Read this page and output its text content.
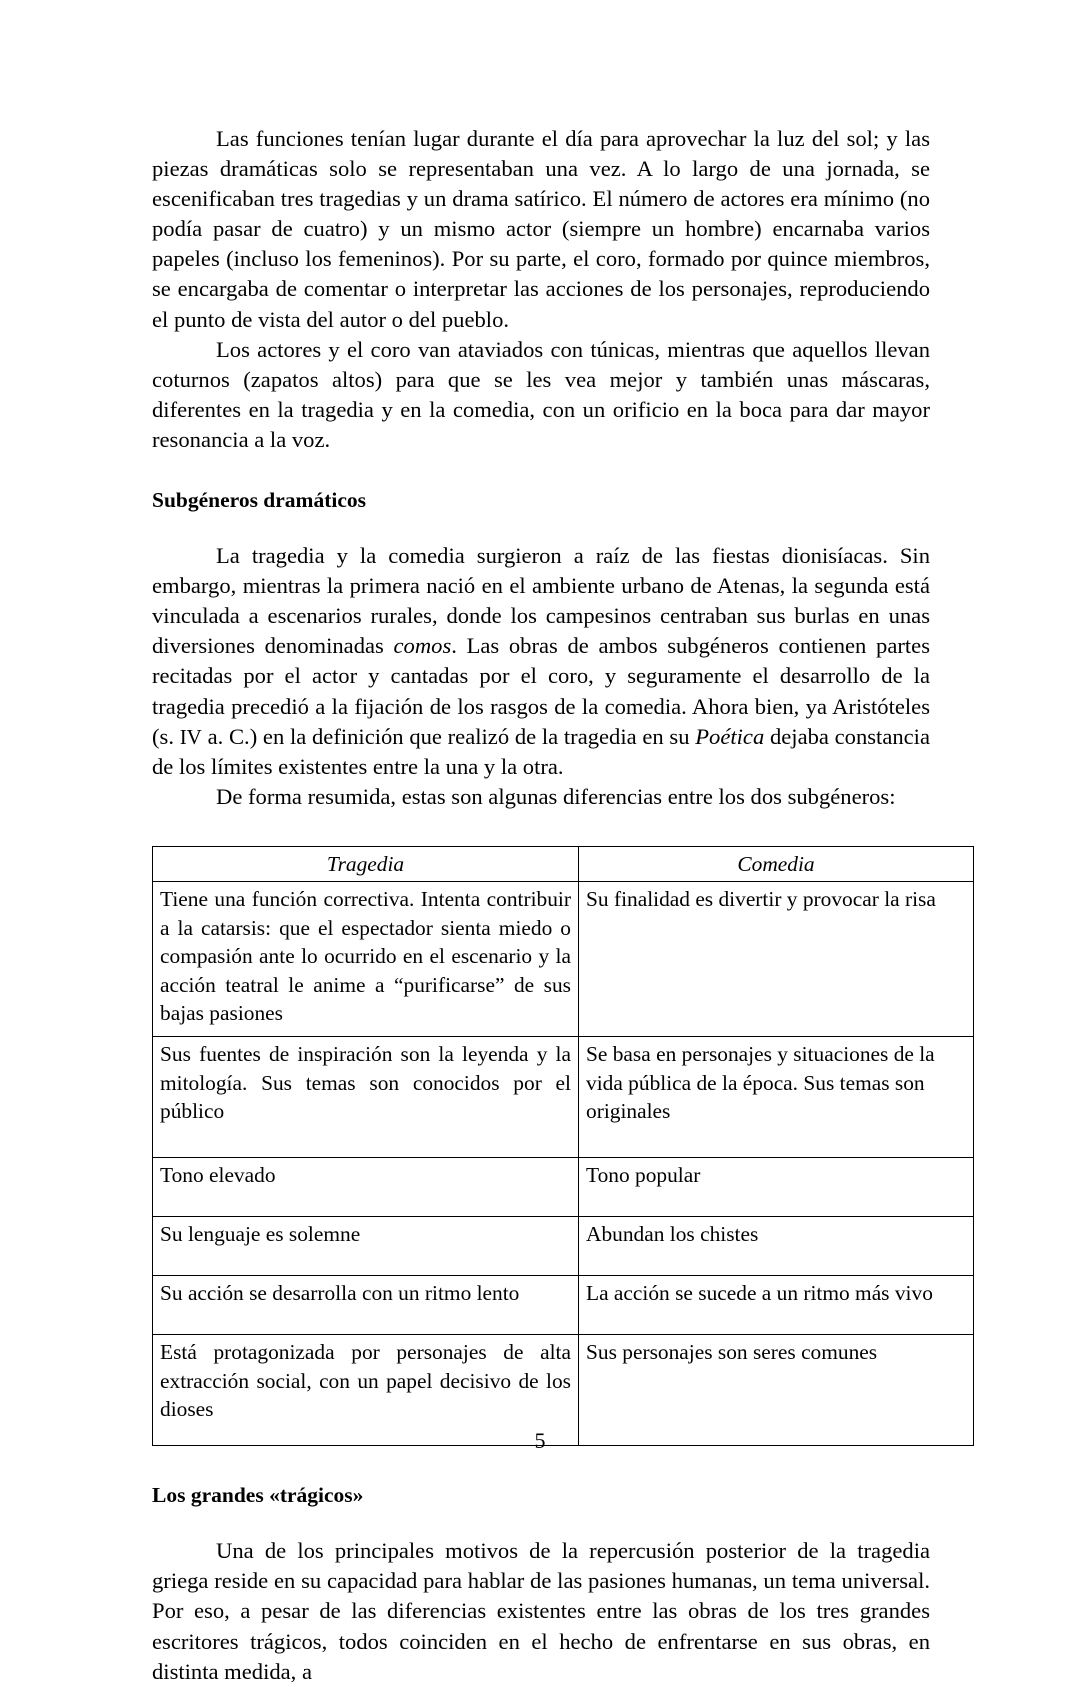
Las funciones tenían lugar durante el día para aprovechar la luz del sol; y las piezas dramáticas solo se representaban una vez. A lo largo de una jornada, se escenificaban tres tragedias y un drama satírico. El número de actores era mínimo (no podía pasar de cuatro) y un mismo actor (siempre un hombre) encarnaba varios papeles (incluso los femeninos). Por su parte, el coro, formado por quince miembros, se encargaba de comentar o interpretar las acciones de los personajes, reproduciendo el punto de vista del autor o del pueblo.

Los actores y el coro van ataviados con túnicas, mientras que aquellos llevan coturnos (zapatos altos) para que se les vea mejor y también unas máscaras, diferentes en la tragedia y en la comedia, con un orificio en la boca para dar mayor resonancia a la voz.

Subgéneros dramáticos

La tragedia y la comedia surgieron a raíz de las fiestas dionisíacas. Sin embargo, mientras la primera nació en el ambiente urbano de Atenas, la segunda está vinculada a escenarios rurales, donde los campesinos centraban sus burlas en unas diversiones denominadas comos. Las obras de ambos subgéneros contienen partes recitadas por el actor y cantadas por el coro, y seguramente el desarrollo de la tragedia precedió a la fijación de los rasgos de la comedia. Ahora bien, ya Aristóteles (s. IV a. C.) en la definición que realizó de la tragedia en su Poética dejaba constancia de los límites existentes entre la una y la otra.

De forma resumida, estas son algunas diferencias entre los dos subgéneros:

Tragedia	Comedia
Tiene una función correctiva. Intenta contribuir a la catarsis: que el espectador sienta miedo o compasión ante lo ocurrido en el escenario y la acción teatral le anime a “purificarse” de sus bajas pasiones	Su finalidad es divertir y provocar la risa
Sus fuentes de inspiración son la leyenda y la mitología. Sus temas son conocidos por el público	Se basa en personajes y situaciones de la vida pública de la época. Sus temas son originales
Tono elevado	Tono popular
Su lenguaje es solemne	Abundan los chistes
Su acción se desarrolla con un ritmo lento	La acción se sucede a un ritmo más vivo
Está protagonizada por personajes de alta extracción social, con un papel decisivo de los dioses	Sus personajes son seres comunes
Los grandes «trágicos»

Una de los principales motivos de la repercusión posterior de la tragedia griega reside en su capacidad para hablar de las pasiones humanas, un tema universal. Por eso, a pesar de las diferencias existentes entre las obras de los tres grandes escritores trágicos, todos coinciden en el hecho de enfrentarse en sus obras, en distinta medida, a

5
